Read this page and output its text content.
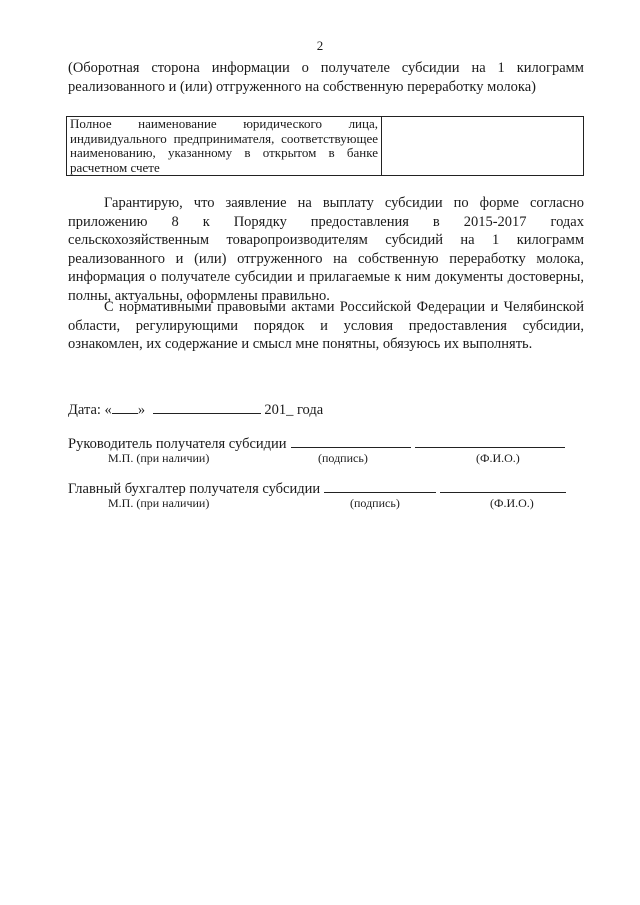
2
(Оборотная сторона информации о получателе субсидии на 1 килограмм реализованного и (или) отгруженного на собственную переработку молока)
Полное наименование юридического лица, индивидуального предпринимателя, соответствующее наименованию, указанному в открытом в банке расчетном счете	
Гарантирую, что заявление на выплату субсидии по форме согласно приложению 8 к Порядку предоставления в 2015-2017 годах сельскохозяйственным товаропроизводителям субсидий на 1 килограмм реализованного и (или) отгруженного на собственную переработку молока, информация о получателе субсидии и прилагаемые к ним документы достоверны, полны, актуальны, оформлены правильно.
С нормативными правовыми актами Российской Федерации и Челябинской области, регулирующими порядок и условия предоставления субсидии, ознакомлен, их содержание и смысл мне понятны, обязуюсь их выполнять.
Дата: « »	201_ года
Руководитель получателя субсидии
М.П. (при наличии)	(подпись)	(Ф.И.О.)
Главный бухгалтер получателя субсидии
М.П. (при наличии)	(подпись)	(Ф.И.О.)
